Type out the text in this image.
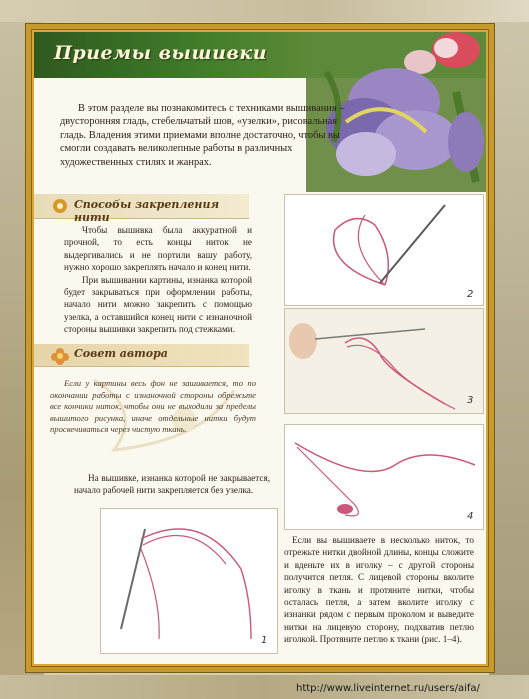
Приемы вышивки
В этом разделе вы познакомитесь с техниками вышивания – двусторонняя гладь, стебельчатый шов, «узелки», рисовальная гладь. Владения этими приемами вполне достаточно, чтобы вы смогли создавать великолепные работы в различных художественных стилях и жанрах.
Способы закрепления нити

Чтобы вышивка была аккуратной и прочной, то есть концы ниток не выдергивались и не портили вашу работу, нужно хорошо закреплять начало и конец нити.

При вышивании картины, изнанка которой будет закрываться при оформлении работы, начало нити можно закрепить с помощью узелка, а оставшийся конец нити с изнаночной стороны вышивки закрепить под стежками.

Совет автора

Если у картины весь фон не зашивается, то по окончании работы с изнаночной стороны обрежьте все кончики ниток, чтобы они не выходили за пределы вышитого рисунка, иначе отдельные нитки будут просвечиваться через чистую ткань.

На вышивке, изнанка которой не закрывается, начало рабочей нити закрепляется без узелка.

2
3
4
1

Если вы вышиваете в несколько ниток, то отрежьте нитки двойной длины, концы сложите и вденьте их в иголку – с другой стороны получится петля. С лицевой стороны вколите иголку в ткань и протяните нитки, чтобы осталась петля, а затем вколите иголку с изнанки рядом с первым проколом и выведите нитки на лицевую сторону, подхватив петлю иголкой. Протяните петлю к ткани (рис. 1–4).

http://www.liveinternet.ru/users/aifa/
